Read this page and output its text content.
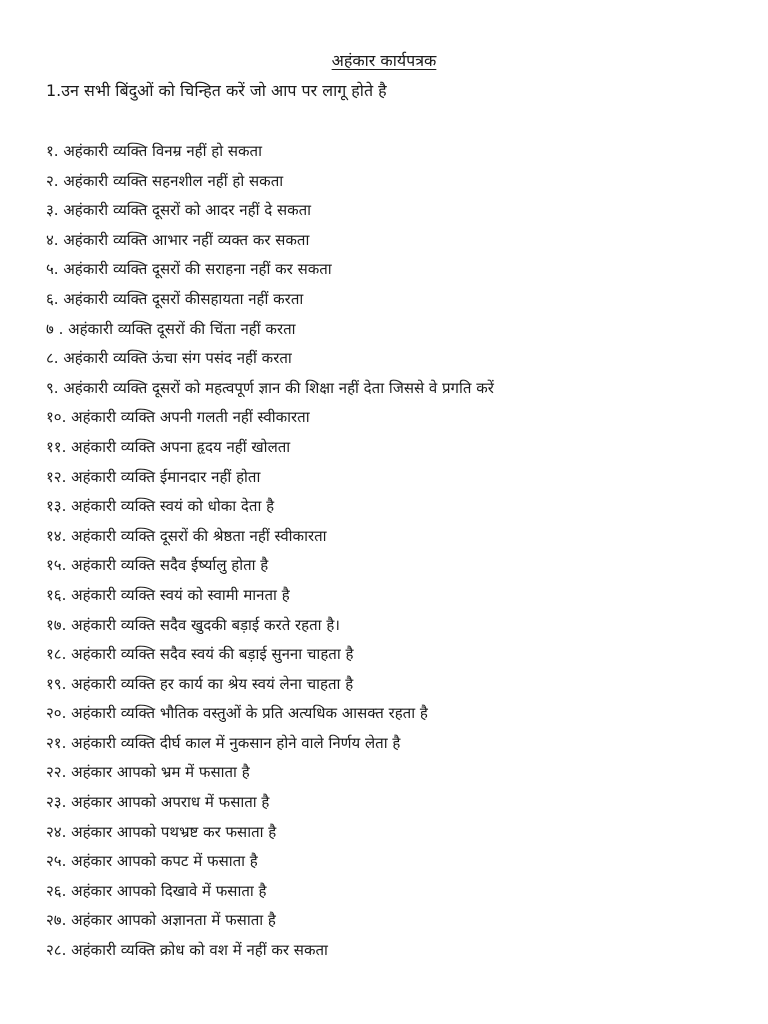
अहंकार कार्यपत्रक
1.उन सभी बिंदुओं को चिन्हित करें जो आप पर लागू होते है
१. अहंकारी व्यक्ति विनम्र नहीं हो सकता
२. अहंकारी व्यक्ति सहनशील नहीं हो सकता
३. अहंकारी व्यक्ति दूसरों को आदर नहीं दे सकता
४. अहंकारी व्यक्ति आभार नहीं व्यक्त कर सकता
५. अहंकारी व्यक्ति दूसरों की सराहना नहीं कर सकता
६. अहंकारी व्यक्ति दूसरों कीसहायता नहीं करता
७ . अहंकारी व्यक्ति दूसरों की चिंता नहीं करता
८. अहंकारी व्यक्ति ऊंचा संग पसंद नहीं करता
९. अहंकारी व्यक्ति दूसरों को महत्वपूर्ण ज्ञान की शिक्षा नहीं देता जिससे वे प्रगति करें
१०. अहंकारी व्यक्ति अपनी गलती नहीं स्वीकारता
११. अहंकारी व्यक्ति अपना हृदय नहीं खोलता
१२. अहंकारी व्यक्ति ईमानदार नहीं होता
१३. अहंकारी व्यक्ति स्वयं को धोका देता है
१४. अहंकारी व्यक्ति दूसरों की श्रेष्ठता नहीं स्वीकारता
१५. अहंकारी व्यक्ति सदैव ईर्ष्यालु होता है
१६. अहंकारी व्यक्ति स्वयं को स्वामी मानता है
१७. अहंकारी व्यक्ति सदैव खुदकी बड़ाई करते रहता है।
१८. अहंकारी व्यक्ति सदैव स्वयं की बड़ाई सुनना चाहता है
१९. अहंकारी व्यक्ति हर कार्य का श्रेय स्वयं लेना चाहता है
२०. अहंकारी व्यक्ति भौतिक वस्तुओं के प्रति अत्यधिक आसक्त रहता है
२१. अहंकारी व्यक्ति दीर्घ काल में नुकसान होने वाले निर्णय लेता है
२२. अहंकार आपको भ्रम में फसाता है
२३. अहंकार आपको अपराध में फसाता है
२४. अहंकार आपको पथभ्रष्ट कर फसाता है
२५. अहंकार आपको कपट में फसाता है
२६. अहंकार आपको दिखावे में फसाता है
२७. अहंकार आपको अज्ञानता में फसाता है
२८. अहंकारी व्यक्ति क्रोध को वश में नहीं कर सकता
